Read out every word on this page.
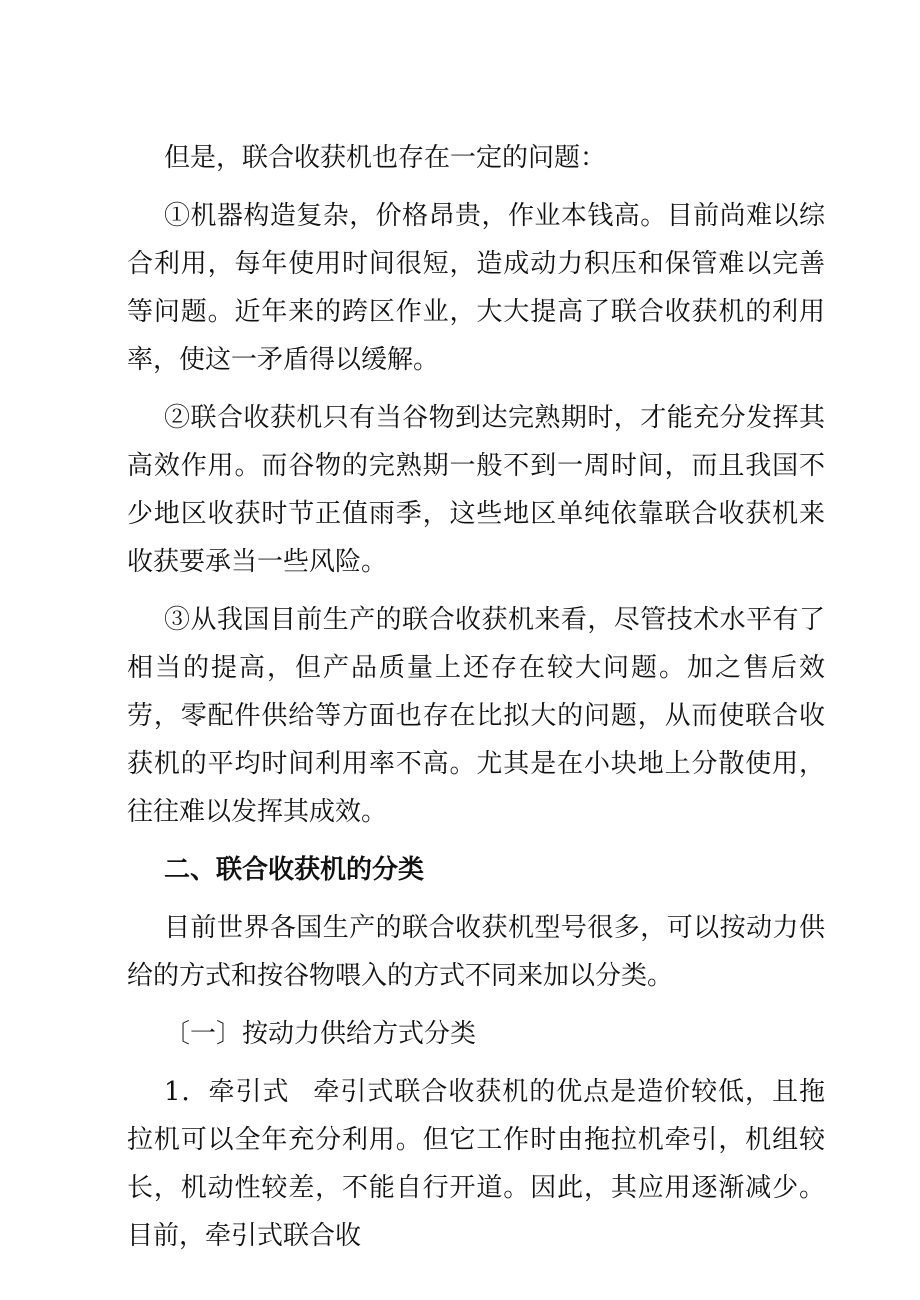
但是，联合收获机也存在一定的问题：

①机器构造复杂，价格昂贵，作业本钱高。目前尚难以综合利用，每年使用时间很短，造成动力积压和保管难以完善等问题。近年来的跨区作业，大大提高了联合收获机的利用率，使这一矛盾得以缓解。

②联合收获机只有当谷物到达完熟期时，才能充分发挥其高效作用。而谷物的完熟期一般不到一周时间，而且我国不少地区收获时节正值雨季，这些地区单纯依靠联合收获机来收获要承当一些风险。

③从我国目前生产的联合收获机来看，尽管技术水平有了相当的提高，但产品质量上还存在较大问题。加之售后效劳，零配件供给等方面也存在比拟大的问题，从而使联合收获机的平均时间利用率不高。尤其是在小块地上分散使用，往往难以发挥其成效。

二、联合收获机的分类

目前世界各国生产的联合收获机型号很多，可以按动力供给的方式和按谷物喂入的方式不同来加以分类。

〔一〕按动力供给方式分类

1．牵引式 牵引式联合收获机的优点是造价较低，且拖拉机可以全年充分利用。但它工作时由拖拉机牵引，机组较长，机动性较差，不能自行开道。因此，其应用逐渐减少。目前，牵引式联合收
